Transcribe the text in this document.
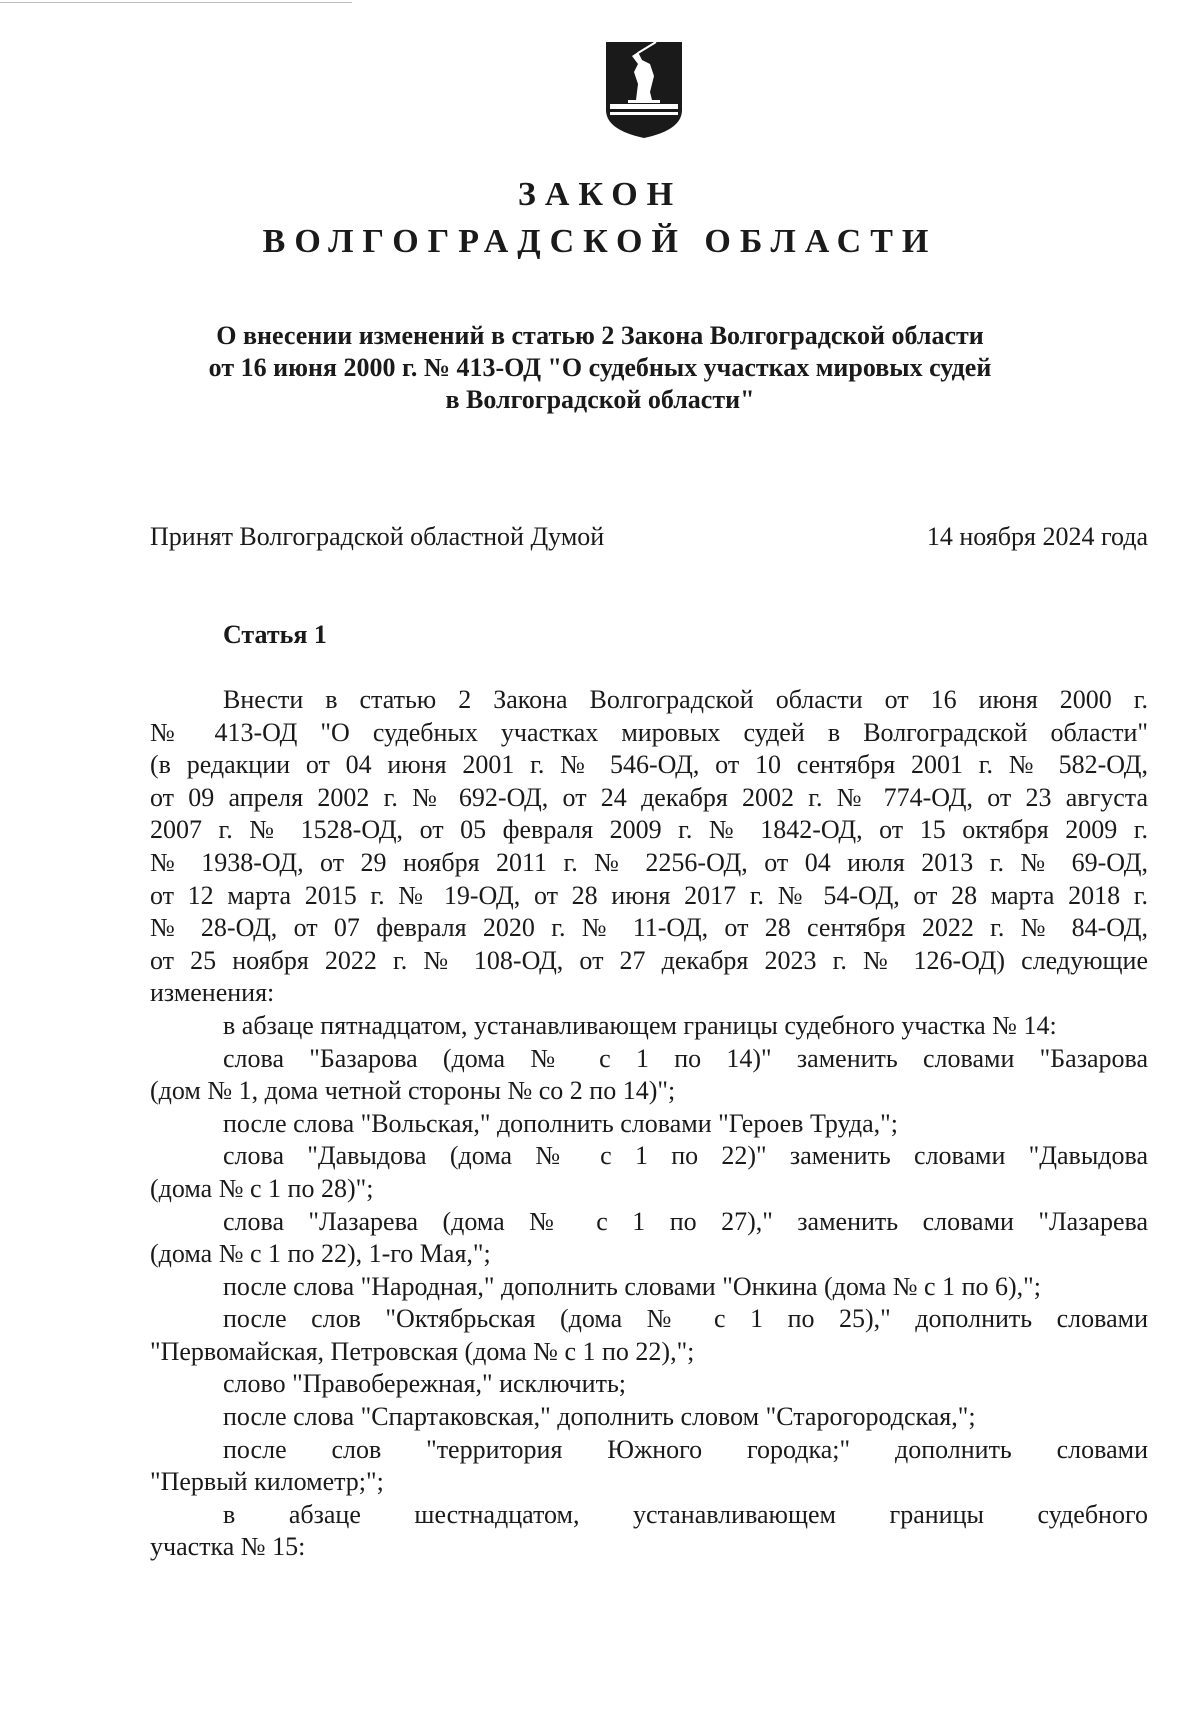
ЗАКОН
ВОЛГОГРАДСКОЙ ОБЛАСТИ
О внесении изменений в статью 2 Закона Волгоградской области
от 16 июня 2000 г. № 413-ОД "О судебных участках мировых судей
в Волгоградской области"
Принят Волгоградской областной Думой	14 ноября 2024 года
Статья 1
Внести в статью 2 Закона Волгоградской области от 16 июня 2000 г.
№ 413-ОД "О судебных участках мировых судей в Волгоградской области"
(в редакции от 04 июня 2001 г. № 546-ОД, от 10 сентября 2001 г. № 582-ОД,
от 09 апреля 2002 г. № 692-ОД, от 24 декабря 2002 г. № 774-ОД, от 23 августа
2007 г. № 1528-ОД, от 05 февраля 2009 г. № 1842-ОД, от 15 октября 2009 г.
№ 1938-ОД, от 29 ноября 2011 г. № 2256-ОД, от 04 июля 2013 г. № 69-ОД,
от 12 марта 2015 г. № 19-ОД, от 28 июня 2017 г. № 54-ОД, от 28 марта 2018 г.
№ 28-ОД, от 07 февраля 2020 г. № 11-ОД, от 28 сентября 2022 г. № 84-ОД,
от 25 ноября 2022 г. № 108-ОД, от 27 декабря 2023 г. № 126-ОД) следующие
изменения:
в абзаце пятнадцатом, устанавливающем границы судебного участка № 14:
слова "Базарова (дома № с 1 по 14)" заменить словами "Базарова
(дом № 1, дома четной стороны № со 2 по 14)";
после слова "Вольская," дополнить словами "Героев Труда,";
слова "Давыдова (дома № с 1 по 22)" заменить словами "Давыдова
(дома № с 1 по 28)";
слова "Лазарева (дома № с 1 по 27)," заменить словами "Лазарева
(дома № с 1 по 22), 1-го Мая,";
после слова "Народная," дополнить словами "Онкина (дома № с 1 по 6),";
после слов "Октябрьская (дома № с 1 по 25)," дополнить словами
"Первомайская, Петровская (дома № с 1 по 22),";
слово "Правобережная," исключить;
после слова "Спартаковская," дополнить словом "Старогородская,";
после слов "территория Южного городка;" дополнить словами
"Первый километр;";
в абзаце шестнадцатом, устанавливающем границы судебного
участка № 15:
